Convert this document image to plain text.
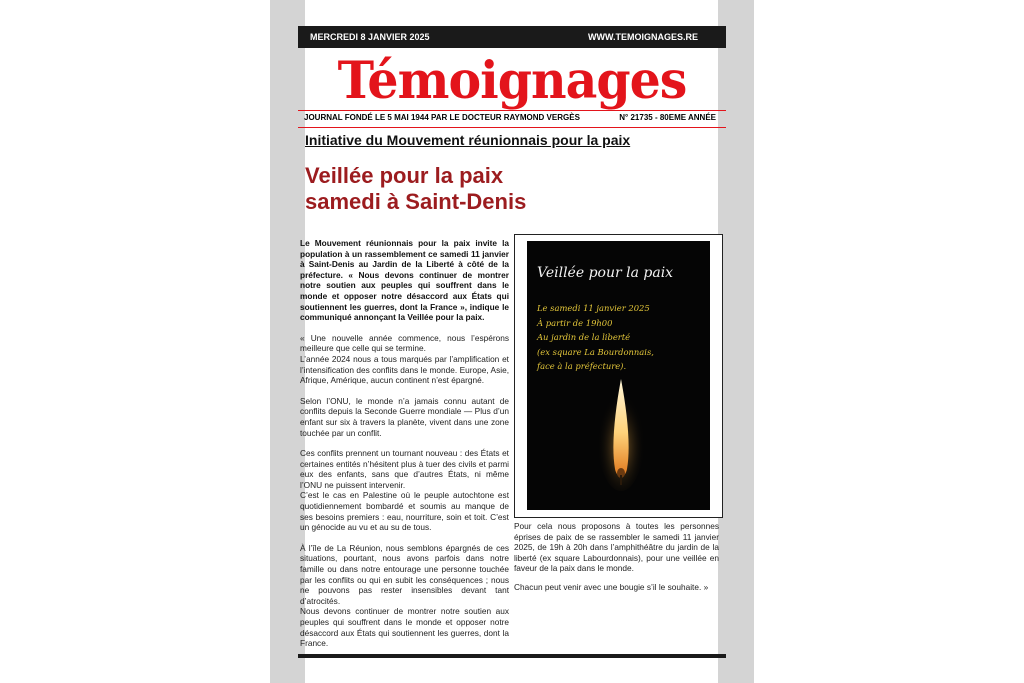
MERCREDI 8 JANVIER 2025	WWW.TEMOIGNAGES.RE
Témoignages
JOURNAL FONDÉ LE 5 MAI 1944 PAR LE DOCTEUR RAYMOND VERGÈS	N° 21735 - 80EME ANNÉE
Initiative du Mouvement réunionnais pour la paix
Veillée pour la paix
samedi à Saint-Denis

Le Mouvement réunionnais pour la paix invite la population à un rassemblement ce samedi 11 janvier à Saint-Denis au Jardin de la Liberté à côté de la préfecture. « Nous devons continuer de montrer notre soutien aux peuples qui souffrent dans le monde et opposer notre désaccord aux États qui soutiennent les guerres, dont la France », indique le communiqué annonçant la Veillée pour la paix.

« Une nouvelle année commence, nous l’espérons meilleure que celle qui se termine.

L’année 2024 nous a tous marqués par l’amplification et l’intensification des conflits dans le monde. Europe, Asie, Afrique, Amérique, aucun continent n’est épargné.

Selon l’ONU, le monde n’a jamais connu autant de conflits depuis la Seconde Guerre mondiale — Plus d’un enfant sur six à travers la planète, vivent dans une zone touchée par un conflit.

Ces conflits prennent un tournant nouveau : des États et certaines entités n’hésitent plus à tuer des civils et parmi eux des enfants, sans que d’autres États, ni même l’ONU ne puissent intervenir.

C’est le cas en Palestine où le peuple autochtone est quotidiennement bombardé et soumis au manque de ses besoins premiers : eau, nourriture, soin et toit. C’est un génocide au vu et au su de tous.

À l’île de La Réunion, nous semblons épargnés de ces situations, pourtant, nous avons parfois dans notre famille ou dans notre entourage une personne touchée par les conflits ou qui en subit les conséquences ; nous ne pouvons pas rester insensibles devant tant d’atrocités.

Nous devons continuer de montrer notre soutien aux peuples qui souffrent dans le monde et opposer notre désaccord aux États qui soutiennent les guerres, dont la France.

Veillée pour la paix
Le samedi 11 janvier 2025
À partir de 19h00
Au jardin de la liberté
(ex square La Bourdonnais,
face à la préfecture).

Pour cela nous proposons à toutes les personnes éprises de paix de se rassembler le samedi 11 janvier 2025, de 19h à 20h dans l’amphithéâtre du jardin de la liberté (ex square Labourdonnais), pour une veillée en faveur de la paix dans le monde.

Chacun peut venir avec une bougie s’il le souhaite. »
